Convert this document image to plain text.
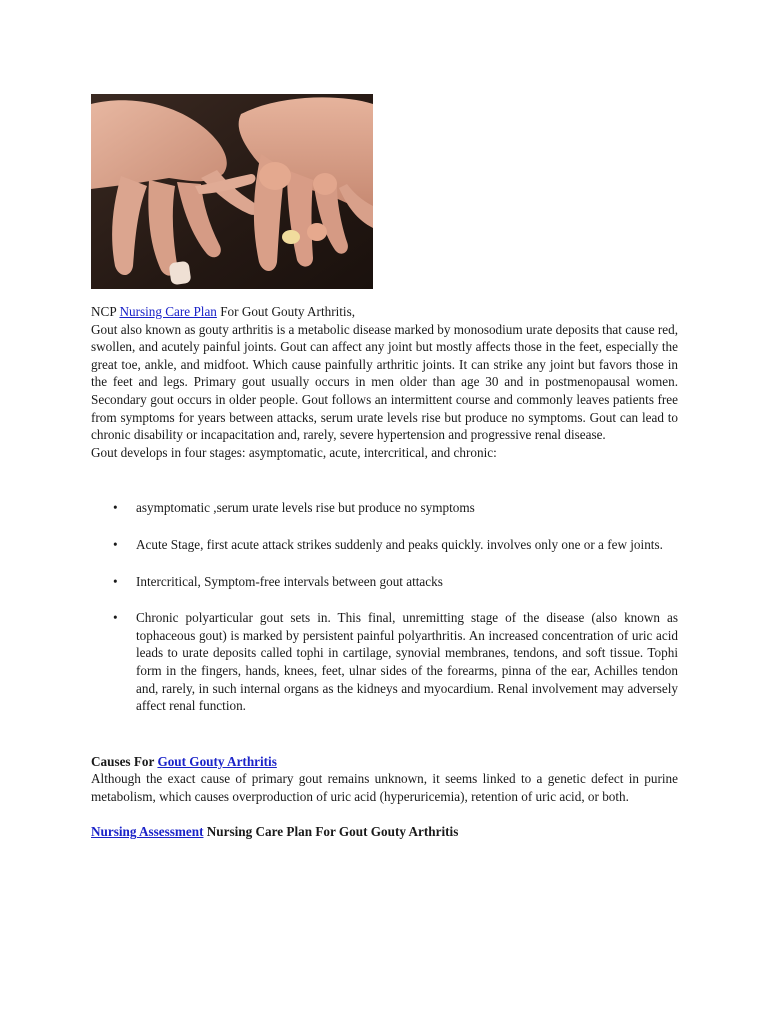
NCP Nursing Care Plan For Gout Gouty Arthritis,

Gout also known as gouty arthritis is a metabolic disease marked by monosodium urate deposits that cause red, swollen, and acutely painful joints. Gout can affect any joint but mostly affects those in the feet, especially the great toe, ankle, and midfoot. Which cause painfully arthritic joints. It can strike any joint but favors those in the feet and legs. Primary gout usually occurs in men older than age 30 and in postmenopausal women. Secondary gout occurs in older people. Gout follows an intermittent course and commonly leaves patients free from symptoms for years between attacks, serum urate levels rise but produce no symptoms. Gout can lead to chronic disability or incapacitation and, rarely, severe hypertension and progressive renal disease.

Gout develops in four stages: asymptomatic, acute, intercritical, and chronic:

• asymptomatic ,serum urate levels rise but produce no symptoms
• Acute Stage, first acute attack strikes suddenly and peaks quickly. involves only one or a few joints.
• Intercritical, Symptom-free intervals between gout attacks
• Chronic polyarticular gout sets in. This final, unremitting stage of the disease (also known as tophaceous gout) is marked by persistent painful polyarthritis. An increased concentration of uric acid leads to urate deposits called tophi in cartilage, synovial membranes, tendons, and soft tissue. Tophi form in the fingers, hands, knees, feet, ulnar sides of the forearms, pinna of the ear, Achilles tendon and, rarely, in such internal organs as the kidneys and myocardium. Renal involvement may adversely affect renal function.

Causes For Gout Gouty Arthritis

Although the exact cause of primary gout remains unknown, it seems linked to a genetic defect in purine metabolism, which causes overproduction of uric acid (hyperuricemia), retention of uric acid, or both.

Nursing Assessment Nursing Care Plan For Gout Gouty Arthritis
